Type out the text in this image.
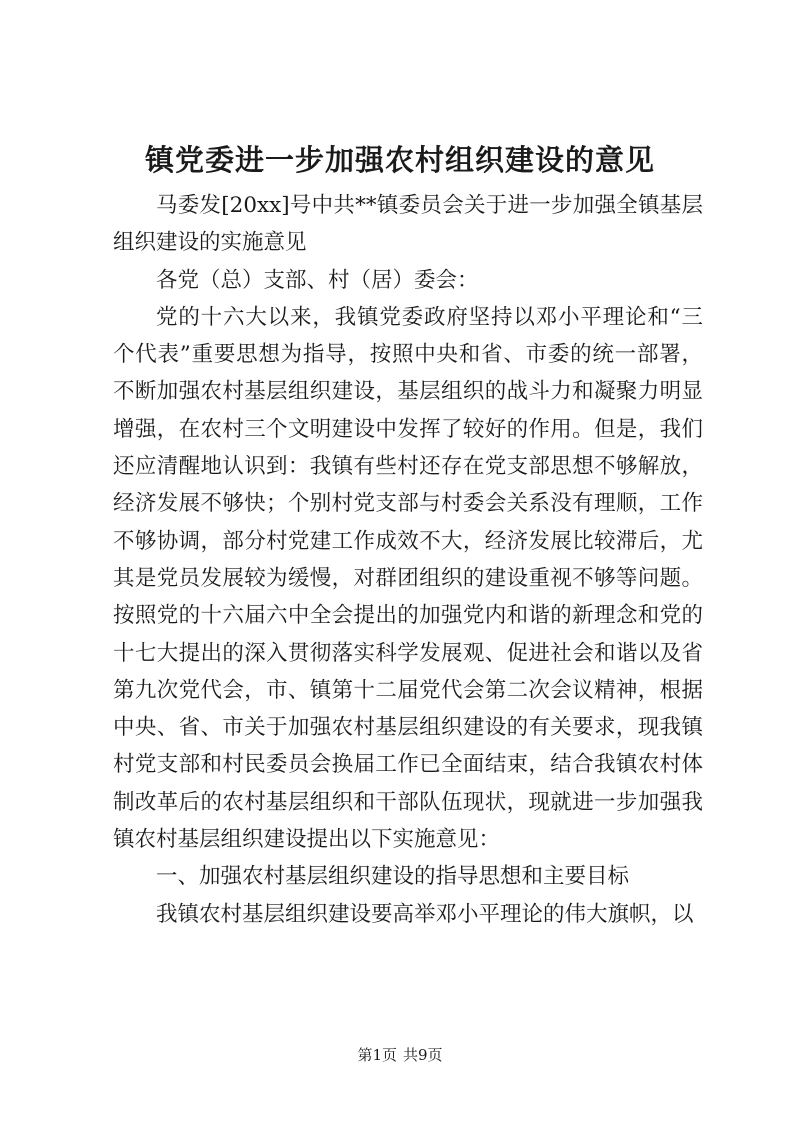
镇党委进一步加强农村组织建设的意见

马委发[20xx]号中共**镇委员会关于进一步加强全镇基层组织建设的实施意见

各党（总）支部、村（居）委会：

党的十六大以来，我镇党委政府坚持以邓小平理论和“三个代表”重要思想为指导，按照中央和省、市委的统一部署，不断加强农村基层组织建设，基层组织的战斗力和凝聚力明显增强，在农村三个文明建设中发挥了较好的作用。但是，我们还应清醒地认识到：我镇有些村还存在党支部思想不够解放，经济发展不够快；个别村党支部与村委会关系没有理顺，工作不够协调，部分村党建工作成效不大，经济发展比较滞后，尤其是党员发展较为缓慢，对群团组织的建设重视不够等问题。按照党的十六届六中全会提出的加强党内和谐的新理念和党的十七大提出的深入贯彻落实科学发展观、促进社会和谐以及省第九次党代会，市、镇第十二届党代会第二次会议精神，根据中央、省、市关于加强农村基层组织建设的有关要求，现我镇村党支部和村民委员会换届工作已全面结束，结合我镇农村体制改革后的农村基层组织和干部队伍现状，现就进一步加强我镇农村基层组织建设提出以下实施意见：

一、加强农村基层组织建设的指导思想和主要目标

我镇农村基层组织建设要高举邓小平理论的伟大旗帜，以

第1页 共9页
